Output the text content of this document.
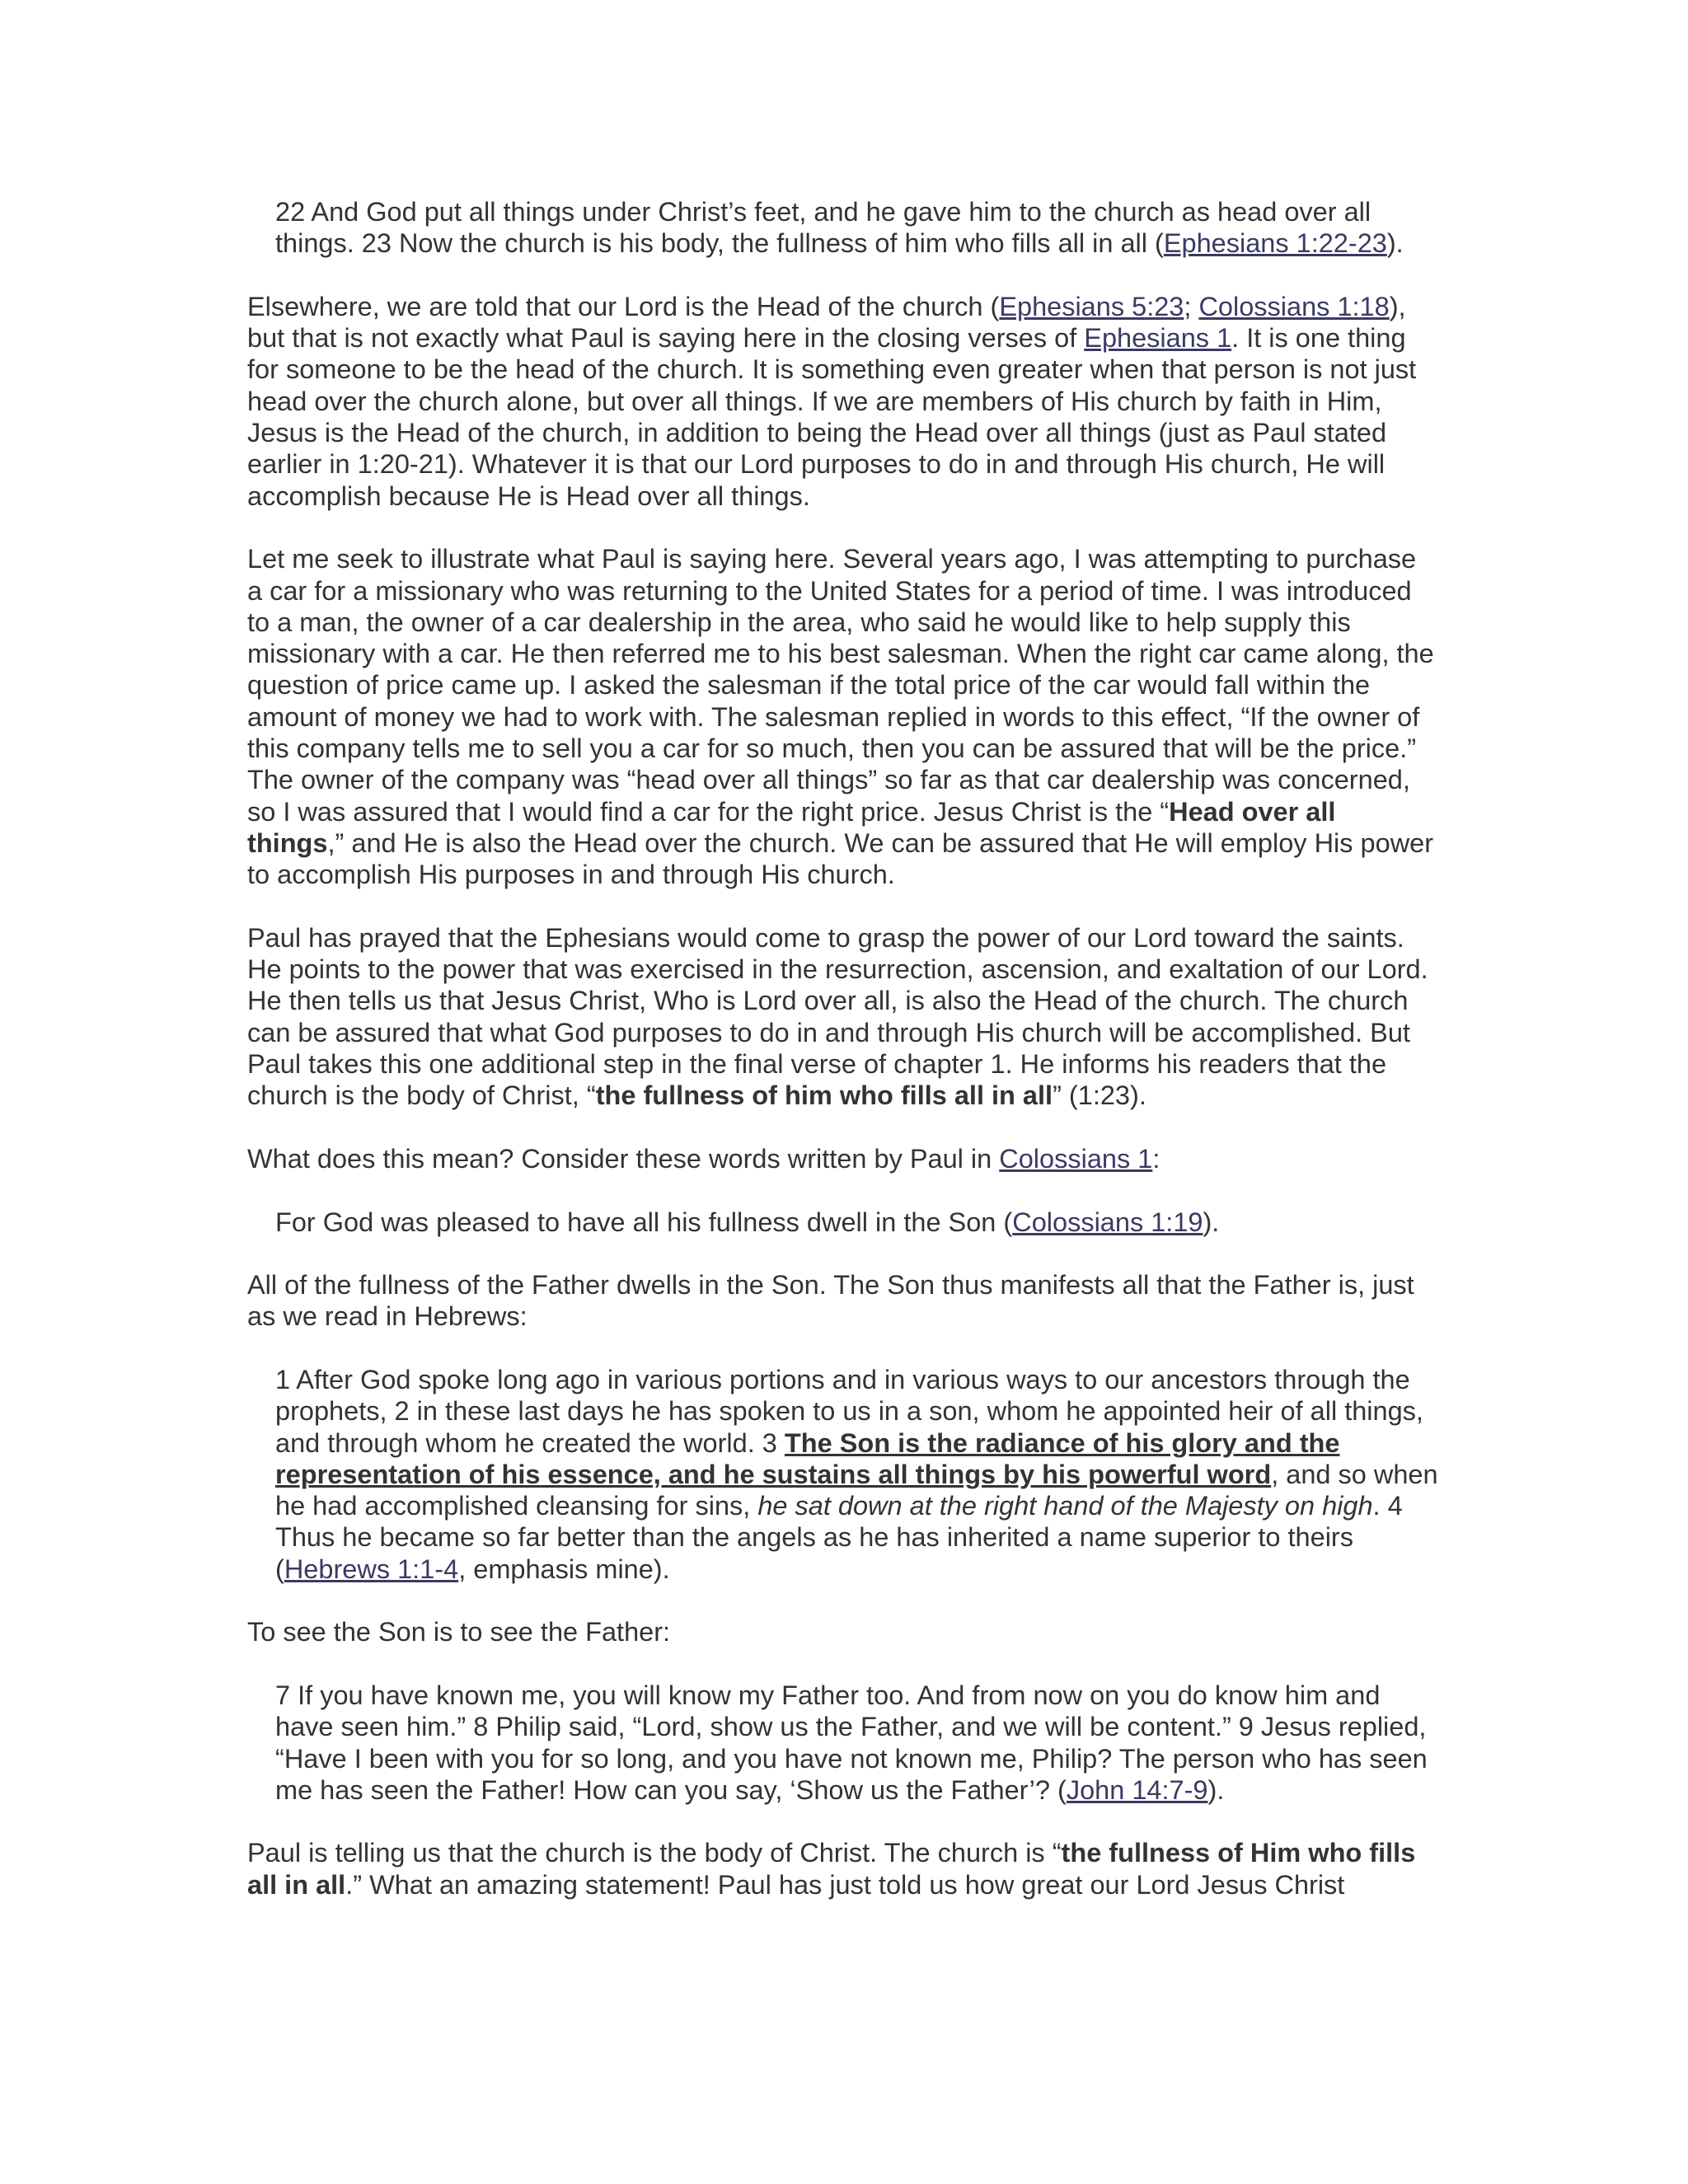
22 And God put all things under Christ’s feet, and he gave him to the church as head over all things. 23 Now the church is his body, the fullness of him who fills all in all (Ephesians 1:22-23).

Elsewhere, we are told that our Lord is the Head of the church (Ephesians 5:23; Colossians 1:18), but that is not exactly what Paul is saying here in the closing verses of Ephesians 1. It is one thing for someone to be the head of the church. It is something even greater when that person is not just head over the church alone, but over all things. If we are members of His church by faith in Him, Jesus is the Head of the church, in addition to being the Head over all things (just as Paul stated earlier in 1:20-21). Whatever it is that our Lord purposes to do in and through His church, He will accomplish because He is Head over all things.

Let me seek to illustrate what Paul is saying here. Several years ago, I was attempting to purchase a car for a missionary who was returning to the United States for a period of time. I was introduced to a man, the owner of a car dealership in the area, who said he would like to help supply this missionary with a car. He then referred me to his best salesman. When the right car came along, the question of price came up. I asked the salesman if the total price of the car would fall within the amount of money we had to work with. The salesman replied in words to this effect, “If the owner of this company tells me to sell you a car for so much, then you can be assured that will be the price.” The owner of the company was “head over all things” so far as that car dealership was concerned, so I was assured that I would find a car for the right price. Jesus Christ is the “Head over all things,” and He is also the Head over the church. We can be assured that He will employ His power to accomplish His purposes in and through His church.

Paul has prayed that the Ephesians would come to grasp the power of our Lord toward the saints. He points to the power that was exercised in the resurrection, ascension, and exaltation of our Lord. He then tells us that Jesus Christ, Who is Lord over all, is also the Head of the church. The church can be assured that what God purposes to do in and through His church will be accomplished. But Paul takes this one additional step in the final verse of chapter 1. He informs his readers that the church is the body of Christ, “the fullness of him who fills all in all” (1:23).

What does this mean? Consider these words written by Paul in Colossians 1:

For God was pleased to have all his fullness dwell in the Son (Colossians 1:19).

All of the fullness of the Father dwells in the Son. The Son thus manifests all that the Father is, just as we read in Hebrews:

1 After God spoke long ago in various portions and in various ways to our ancestors through the prophets, 2 in these last days he has spoken to us in a son, whom he appointed heir of all things, and through whom he created the world. 3 The Son is the radiance of his glory and the representation of his essence, and he sustains all things by his powerful word, and so when he had accomplished cleansing for sins, he sat down at the right hand of the Majesty on high. 4 Thus he became so far better than the angels as he has inherited a name superior to theirs (Hebrews 1:1-4, emphasis mine).

To see the Son is to see the Father:

7 If you have known me, you will know my Father too. And from now on you do know him and have seen him.” 8 Philip said, “Lord, show us the Father, and we will be content.” 9 Jesus replied, “Have I been with you for so long, and you have not known me, Philip? The person who has seen me has seen the Father! How can you say, ‘Show us the Father’? (John 14:7-9).

Paul is telling us that the church is the body of Christ. The church is “the fullness of Him who fills all in all.” What an amazing statement! Paul has just told us how great our Lord Jesus Christ
